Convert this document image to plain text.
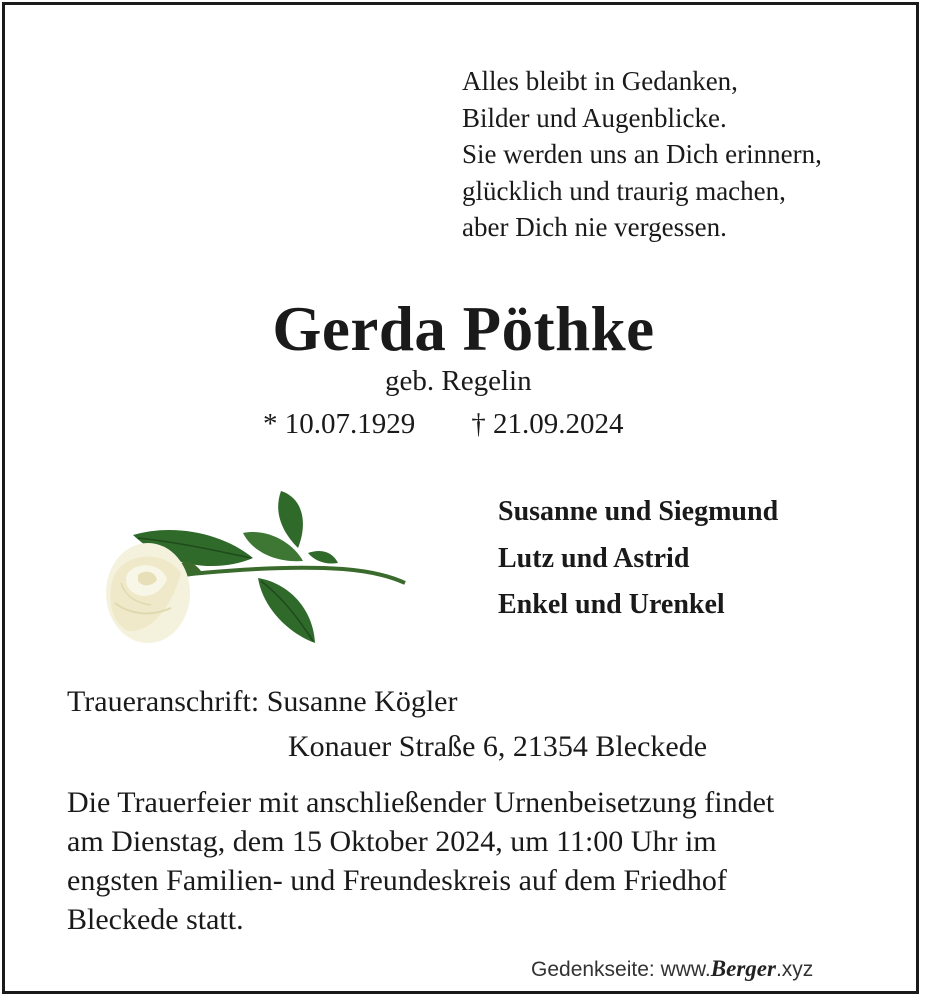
Alles bleibt in Gedanken,
Bilder und Augenblicke.
Sie werden uns an Dich erinnern,
glücklich und traurig machen,
aber Dich nie vergessen.
Gerda Pöthke
geb. Regelin
* 10.07.1929 † 21.09.2024
Susanne und Siegmund
Lutz und Astrid
Enkel und Urenkel
Traueranschrift: Susanne Kögler
Konauer Straße 6, 21354 Bleckede
Die Trauerfeier mit anschließender Urnenbeisetzung findet
am Dienstag, dem 15 Oktober 2024, um 11:00 Uhr im
engsten Familien- und Freundeskreis auf dem Friedhof
Bleckede statt.
Gedenkseite: www.Berger.xyz
